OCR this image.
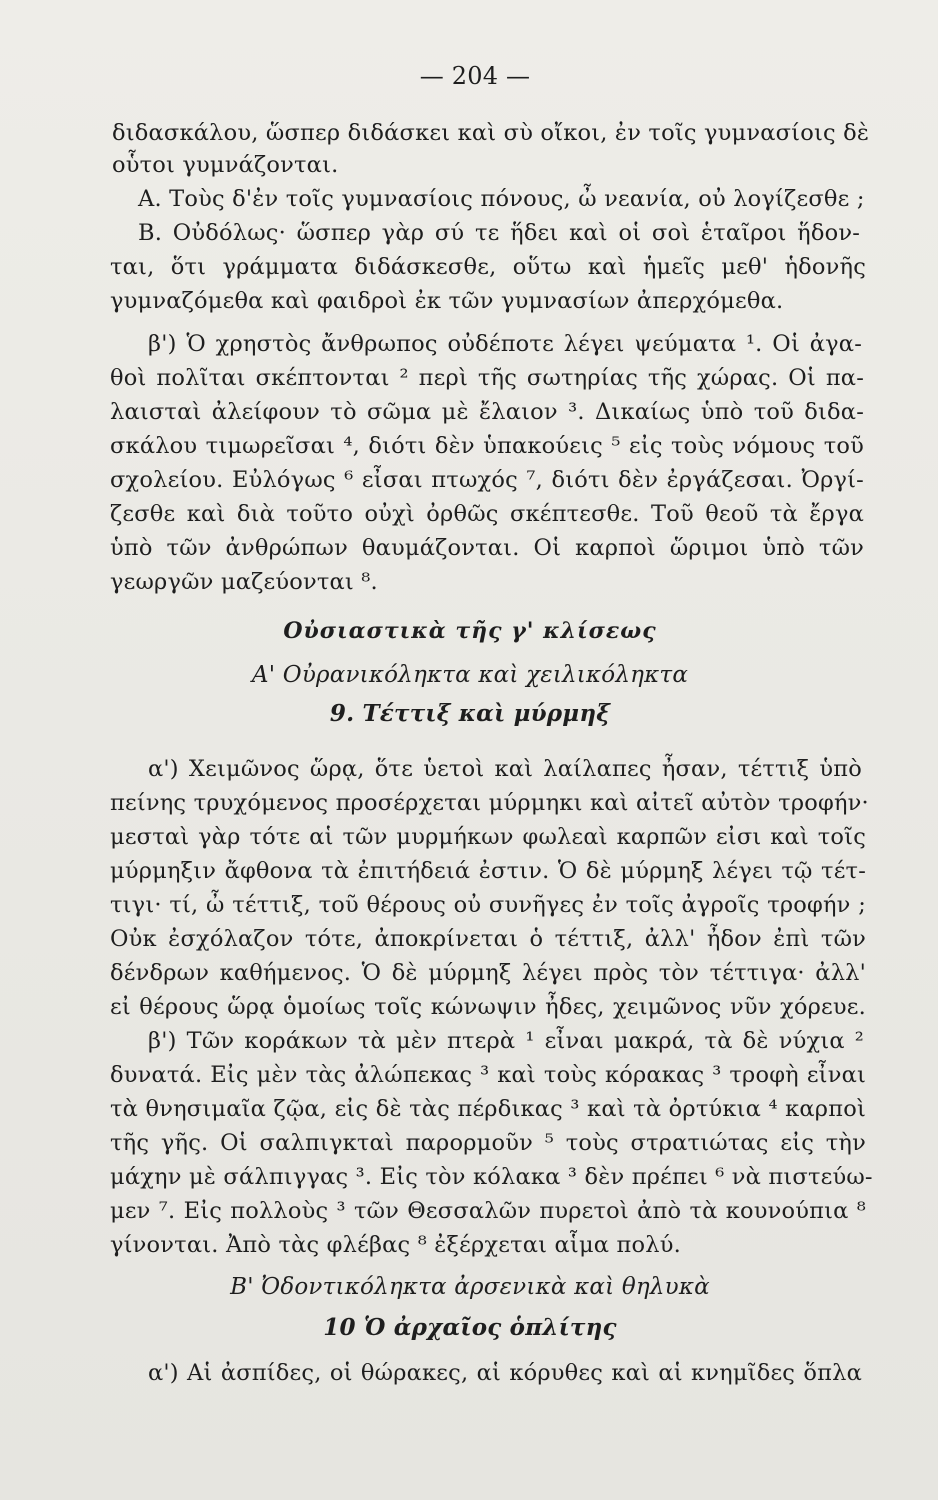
— 204 —
διδασκάλου, ὥσπερ διδάσκει καὶ σὺ οἴκοι, ἐν τοῖς γυμνασίοις δὲ
οὗτοι γυμνάζονται.
Α. Τοὺς δ'ἐν τοῖς γυμνασίοις πόνους, ὦ νεανία, οὐ λογίζεσθε ;
Β. Οὐδόλως· ὥσπερ γὰρ σύ τε ἥδει καὶ οἱ σοὶ ἑταῖροι ἥδον-
ται, ὅτι γράμματα διδάσκεσθε, οὕτω καὶ ἡμεῖς μεθ' ἡδονῆς
γυμναζόμεθα καὶ φαιδροὶ ἐκ τῶν γυμνασίων ἀπερχόμεθα.
β') Ὁ χρηστὸς ἄνθρωπος οὐδέποτε λέγει ψεύματα ¹. Οἱ ἀγα-
θοὶ πολῖται σκέπτονται ² περὶ τῆς σωτηρίας τῆς χώρας. Οἱ πα-
λαισταὶ ἀλείφουν τὸ σῶμα μὲ ἔλαιον ³. Δικαίως ὑπὸ τοῦ διδα-
σκάλου τιμωρεῖσαι ⁴, διότι δὲν ὑπακούεις ⁵ εἰς τοὺς νόμους τοῦ
σχολείου. Εὐλόγως ⁶ εἶσαι πτωχός ⁷, διότι δὲν ἐργάζεσαι. Ὀργί-
ζεσθε καὶ διὰ τοῦτο οὐχὶ ὀρθῶς σκέπτεσθε. Τοῦ θεοῦ τὰ ἔργα
ὑπὸ τῶν ἀνθρώπων θαυμάζονται. Οἱ καρποὶ ὥριμοι ὑπὸ τῶν
γεωργῶν μαζεύονται ⁸.
Οὐσιαστικὰ τῆς γ' κλίσεως
Α' Οὐρανικόληκτα καὶ χειλικόληκτα
9. Τέττιξ καὶ μύρμηξ
α') Χειμῶνος ὥρᾳ, ὅτε ὑετοὶ καὶ λαίλαπες ἦσαν, τέττιξ ὑπὸ
πείνης τρυχόμενος προσέρχεται μύρμηκι καὶ αἰτεῖ αὐτὸν τροφήν·
μεσταὶ γὰρ τότε αἱ τῶν μυρμήκων φωλεαὶ καρπῶν εἰσι καὶ τοῖς
μύρμηξιν ἄφθονα τὰ ἐπιτήδειά ἐστιν. Ὁ δὲ μύρμηξ λέγει τῷ τέτ-
τιγι· τί, ὦ τέττιξ, τοῦ θέρους οὐ συνῆγες ἐν τοῖς ἀγροῖς τροφήν ;
Οὐκ ἐσχόλαζον τότε, ἀποκρίνεται ὁ τέττιξ, ἀλλ' ἦδον ἐπὶ τῶν
δένδρων καθήμενος. Ὁ δὲ μύρμηξ λέγει πρὸς τὸν τέττιγα· ἀλλ'
εἰ θέρους ὥρᾳ ὁμοίως τοῖς κώνωψιν ἦδες, χειμῶνος νῦν χόρευε.
β') Τῶν κοράκων τὰ μὲν πτερὰ ¹ εἶναι μακρά, τὰ δὲ νύχια ²
δυνατά. Εἰς μὲν τὰς ἀλώπεκας ³ καὶ τοὺς κόρακας ³ τροφὴ εἶναι
τὰ θνησιμαῖα ζῷα, εἰς δὲ τὰς πέρδικας ³ καὶ τὰ ὀρτύκια ⁴ καρποὶ
τῆς γῆς. Οἱ σαλπιγκταὶ παρορμοῦν ⁵ τοὺς στρατιώτας εἰς τὴν
μάχην μὲ σάλπιγγας ³. Εἰς τὸν κόλακα ³ δὲν πρέπει ⁶ νὰ πιστεύω-
μεν ⁷. Εἰς πολλοὺς ³ τῶν Θεσσαλῶν πυρετοὶ ἀπὸ τὰ κουνούπια ⁸
γίνονται. Ἀπὸ τὰς φλέβας ⁸ ἐξέρχεται αἷμα πολύ.
Β' Ὀδοντικόληκτα ἀρσενικὰ καὶ θηλυκὰ
10 Ὁ ἀρχαῖος ὁπλίτης
α') Αἱ ἀσπίδες, οἱ θώρακες, αἱ κόρυθες καὶ αἱ κνημῖδες ὅπλα
